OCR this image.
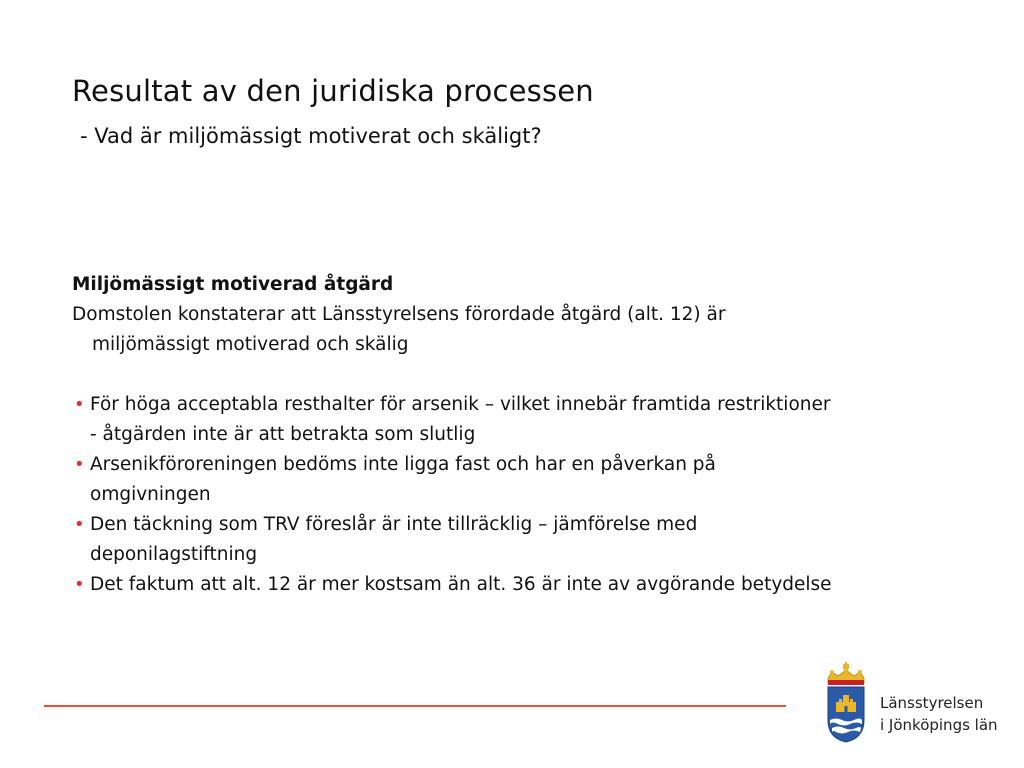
Resultat av den juridiska processen
- Vad är miljömässigt motiverat och skäligt?

Miljömässigt motiverad åtgärd

Domstolen konstaterar att Länsstyrelsens förordade åtgärd (alt. 12) är miljömässigt motiverad och skälig

• För höga acceptabla resthalter för arsenik – vilket innebär framtida restriktioner - åtgärden inte är att betrakta som slutlig
• Arsenikföroreningen bedöms inte ligga fast och har en påverkan på omgivningen
• Den täckning som TRV föreslår är inte tillräcklig – jämförelse med deponilagstiftning
• Det faktum att alt. 12 är mer kostsam än alt. 36 är inte av avgörande betydelse
Länsstyrelsen
i Jönköpings län
